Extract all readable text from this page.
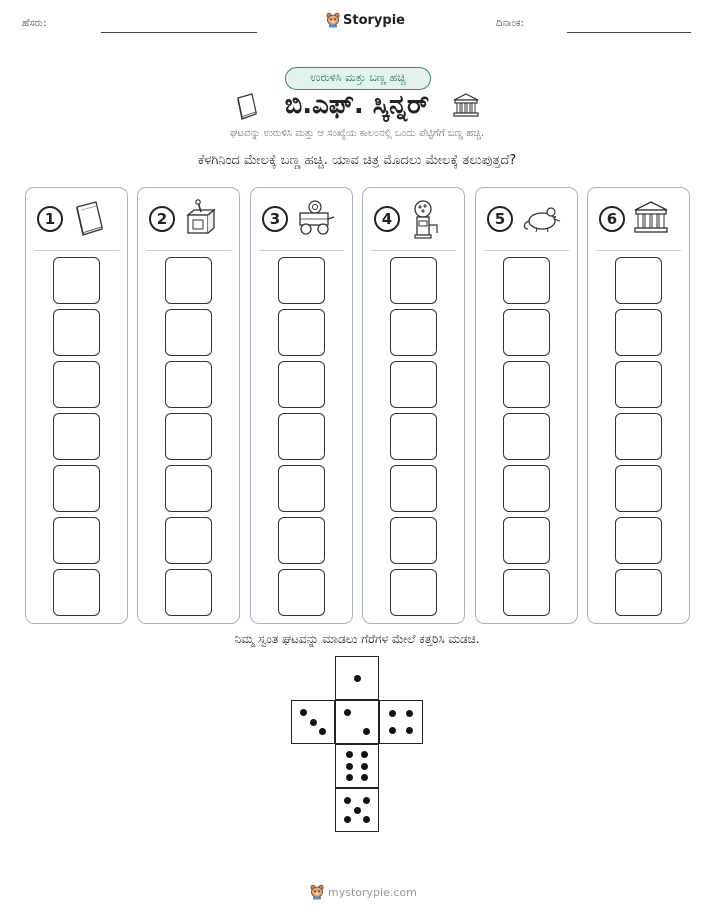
ಹೆಸರು:	Storypie	ದಿನಾಂಕ:
ಉರುಳಿಸಿ ಮತ್ತು ಬಣ್ಣ ಹಚ್ಚಿ
ಬಿ.ಎಫ್. ಸ್ಕಿನ್ನರ್
ಘಟವನ್ನು ಉರುಳಿಸಿ ಮತ್ತು ಆ ಸಂಖ್ಯೆಯ ಕಾಲಂನಲ್ಲಿ ಒಂದು ಪೆಟ್ಟಿಗೆಗೆ ಬಣ್ಣ ಹಚ್ಚಿ.
ಕೆಳಗಿನಿಂದ ಮೇಲಕ್ಕೆ ಬಣ್ಣ ಹಚ್ಚಿ. ಯಾವ ಚಿತ್ರ ಮೊದಲು ಮೇಲಕ್ಕೆ ತಲುಪುತ್ತದೆ?
1	2	3	4	5	6
ನಿಮ್ಮ ಸ್ವಂತ ಘಟವನ್ನು ಮಾಡಲು ಗೆರೆಗಳ ಮೇಲೆ ಕತ್ತರಿಸಿ ಮಡಚಿ.
mystorypie.com
